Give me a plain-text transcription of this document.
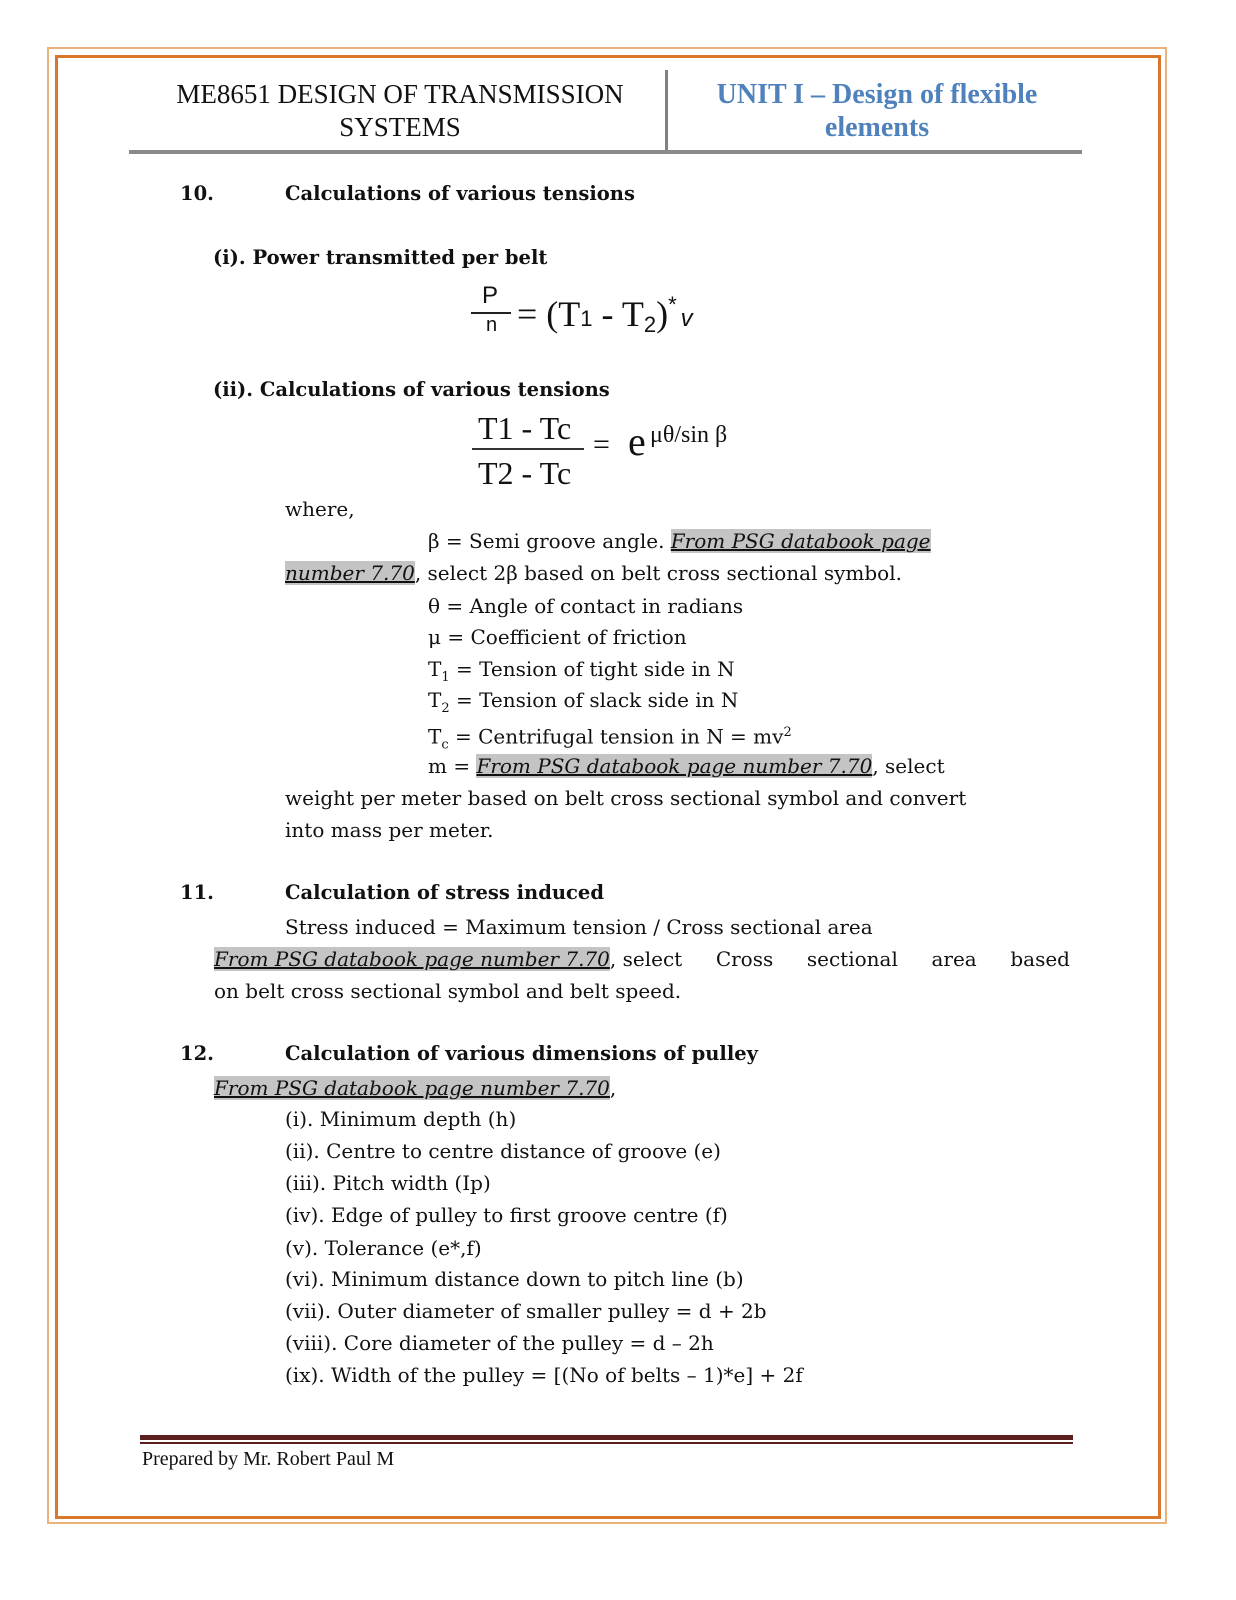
ME8651 DESIGN OF TRANSMISSION
SYSTEMS
UNIT I – Design of flexible
elements
10.	Calculations of various tensions
(i). Power transmitted per belt
P
n = (T1 - T2)*v
(ii). Calculations of various tensions
T1 - Tc
T2 - Tc
= e μθ/sin β
where,
β = Semi groove angle. From PSG databook page
number 7.70, select 2β based on belt cross sectional symbol.
θ = Angle of contact in radians
μ = Coefficient of friction
$T_1$ = Tension of tight side in N
$T_2$ = Tension of slack side in N
$T_c$ = Centrifugal tension in $N = mv^2$
m = From PSG databook page number 7.70, select
weight per meter based on belt cross sectional symbol and convert
into mass per meter.
11.	Calculation of stress induced
Stress induced = Maximum tension / Cross sectional area
From PSG databook page number 7.70, select Cross sectional area based
on belt cross sectional symbol and belt speed.
12.	Calculation of various dimensions of pulley
From PSG databook page number 7.70,
(i). Minimum depth (h)
(ii). Centre to centre distance of groove (e)
(iii). Pitch width (Ip)
(iv). Edge of pulley to first groove centre (f)
(v). Tolerance (e*,f)
(vi). Minimum distance down to pitch line (b)
(vii). Outer diameter of smaller pulley = d + 2b
(viii). Core diameter of the pulley = d – 2h
(ix). Width of the pulley = [(No of belts – 1)*e] + 2f
Prepared by Mr. Robert Paul M
